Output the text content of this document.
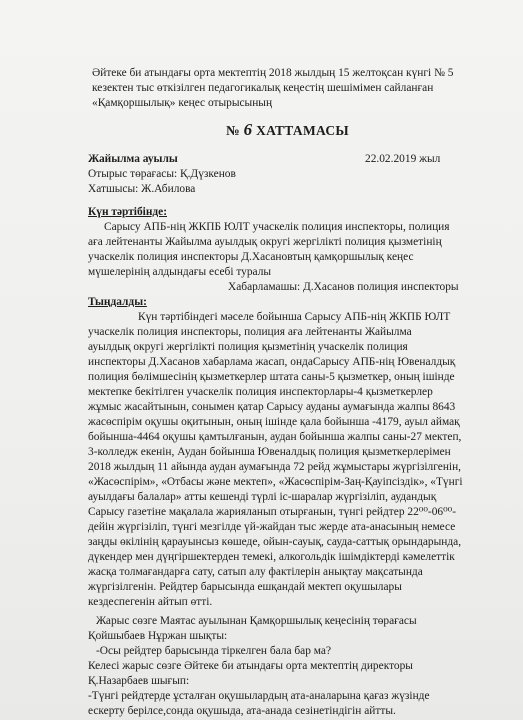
Әйтеке би атындағы орта мектептің 2018 жылдың 15 желтоқсан күнгі № 5
кезектен тыс өткізілген педагогикалық кеңестің шешімімен сайланған
«Қамқоршылық» кеңес отырысының
№ 6 ХАТТАМАСЫ
Жайылма ауылы	22.02.2019 жыл
Отырыс төрағасы: Қ.Дүзкенов
Хатшысы: Ж.Абилова
Күн тәртібінде:
Сарысу АПБ-нің ЖКПБ ЮЛТ учаскелік полиция инспекторы, полиция
аға лейтенанты Жайылма ауылдық округі жергілікті полиция қызметінің
учаскелік полиция инспекторы Д.Хасановтың қамқоршылық кеңес
мүшелерінің алдындағы есебі туралы
Хабарламашы: Д.Хасанов полиция инспекторы
Тыңдалды:
Күн тәртібіндегі мәселе бойынша Сарысу АПБ-нің ЖКПБ ЮЛТ
учаскелік полиция инспекторы, полиция аға лейтенанты Жайылма
ауылдық округі жергілікті полиция қызметінің учаскелік полиция
инспекторы Д.Хасанов хабарлама жасап, ондаСарысу АПБ-нің Ювеналдық
полиция бөлімшесінің қызметкерлер штата саны-5 қызметкер, оның ішінде
мектепке бекітілген учаскелік полиция инспекторлары-4 қызметкерлер
жұмыс жасайтынын, сонымен қатар Сарысу ауданы аумағында жалпы 8643
жасөспірім оқушы оқитынын, оның ішінде қала бойынша -4179, ауыл аймақ
бойынша-4464 оқушы қамтылғанын, аудан бойынша жалпы саны-27 мектеп,
3-колледж екенін, Аудан бойынша Ювеналдық полиция қызметкерлерімен
2018 жылдың 11 айында аудан аумағында 72 рейд жұмыстары жүргізілгенін,
«Жасөспірім», «Отбасы және мектеп», «Жасөспірім-Заң-Қауіпсіздік», «Түнгі
ауылдағы балалар» атты кешенді түрлі іс-шаралар жүргізіліп, аудандық
Сарысу газетіне мақалала жарияланып отырғанын, түнгі рейдтер 22⁰⁰-06⁰⁰-
дейін жүргізіліп, түнгі мезгілде үй-жайдан тыс жерде ата-анасының немесе
заңды өкілінің қарауынсыз көшеде, ойын-сауық, сауда-саттық орындарында,
дүкендер мен дүңгіршектерден темекі, алкогольдік ішімдіктерді кәмелеттік
жасқа толмағандарға сату, сатып алу фактілерін анықтау мақсатында
жүргізілгенін. Рейдтер барысында ешқандай мектеп оқушылары
кездеспегенін айтып өтті.
Жарыс сөзге Маятас ауылынан Қамқоршылық кеңесінің төрағасы
Қойшыбаев Нұржан шықты:
-Осы рейдтер барысында тіркелген бала бар ма?
Келесі жарыс сөзге Әйтеке би атындағы орта мектептің директоры
Қ.Назарбаев шығып:
-Түнгі рейдтерде ұсталған оқушылардың ата-аналарына қағаз жүзінде
ескерту берілсе,сонда оқушыда, ата-анада сезінетіндігін айтты.
